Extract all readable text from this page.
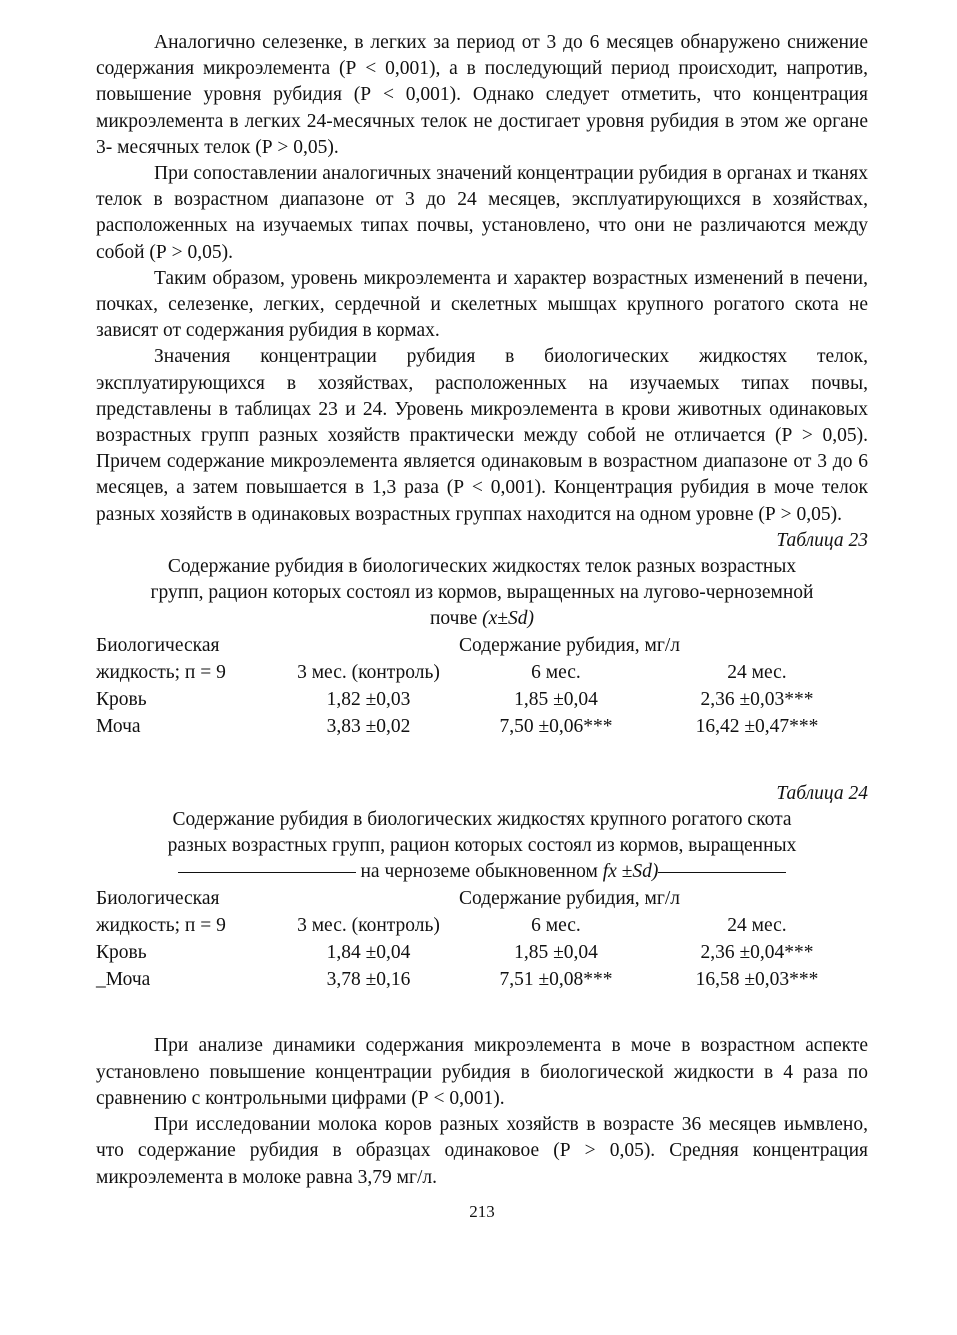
Аналогично селезенке, в легких за период от 3 до 6 месяцев обнаружено снижение содержания микроэлемента (Р < 0,001), а в последующий период происходит, напротив, повышение уровня рубидия (Р < 0,001). Однако следует отметить, что концентрация микроэлемента в легких 24-месячных телок не достигает уровня рубидия в этом же органе 3- месячных телок (Р > 0,05).

При сопоставлении аналогичных значений концентрации рубидия в органах и тканях телок в возрастном диапазоне от 3 до 24 месяцев, эксплуатирующихся в хозяйствах, расположенных на изучаемых типах почвы, установлено, что они не различаются между собой (Р > 0,05).

Таким образом, уровень микроэлемента и характер возрастных изменений в печени, почках, селезенке, легких, сердечной и скелетных мышцах крупного рогатого скота не зависят от содержания рубидия в кормах.

Значения концентрации рубидия в биологических жидкостях телок, эксплуатирующихся в хозяйствах, расположенных на изучаемых типах почвы, представлены в таблицах 23 и 24. Уровень микроэлемента в крови животных одинаковых возрастных групп разных хозяйств практически между собой не отличается (Р > 0,05). Причем содержание микроэлемента является одинаковым в возрастном диапазоне от 3 до 6 месяцев, а затем повышается в 1,3 раза (Р < 0,001). Концентрация рубидия в моче телок разных хозяйств в одинаковых возрастных группах находится на одном уровне (Р > 0,05).

Таблица 23

Содержание рубидия в биологических жидкостях телок разных возрастных

групп, рацион которых состоял из кормов, выращенных на лугово-черноземной

почве (x±Sd)

Биологическая	Содержание рубидия, мг/л		
жидкость; п = 9	3 мес. (контроль)	6 мес.	24 мес.
Кровь	1,82 ±0,03	1,85 ±0,04	2,36 ±0,03***
Моча	3,83 ±0,02	7,50 ±0,06***	16,42 ±0,47***

Таблица 24

Содержание рубидия в биологических жидкостях крупного рогатого скота

разных возрастных групп, рацион которых состоял из кормов, выращенных

на черноземе обыкновенном fx ±Sd)

Биологическая	Содержание рубидия, мг/л		
жидкость; п = 9	3 мес. (контроль)	6 мес.	24 мес.
Кровь	1,84 ±0,04	1,85 ±0,04	2,36 ±0,04***
_Моча	3,78 ±0,16	7,51 ±0,08***	16,58 ±0,03***

При анализе динамики содержания микроэлемента в моче в возрастном аспекте установлено повышение концентрации рубидия в биологической жидкости в 4 раза по сравнению с контрольными цифрами (Р < 0,001).

При исследовании молока коров разных хозяйств в возрасте 36 месяцев иьмвлено, что содержание рубидия в образцах одинаковое (Р > 0,05). Средняя концентрация микроэлемента в молоке равна 3,79 мг/л.

213
